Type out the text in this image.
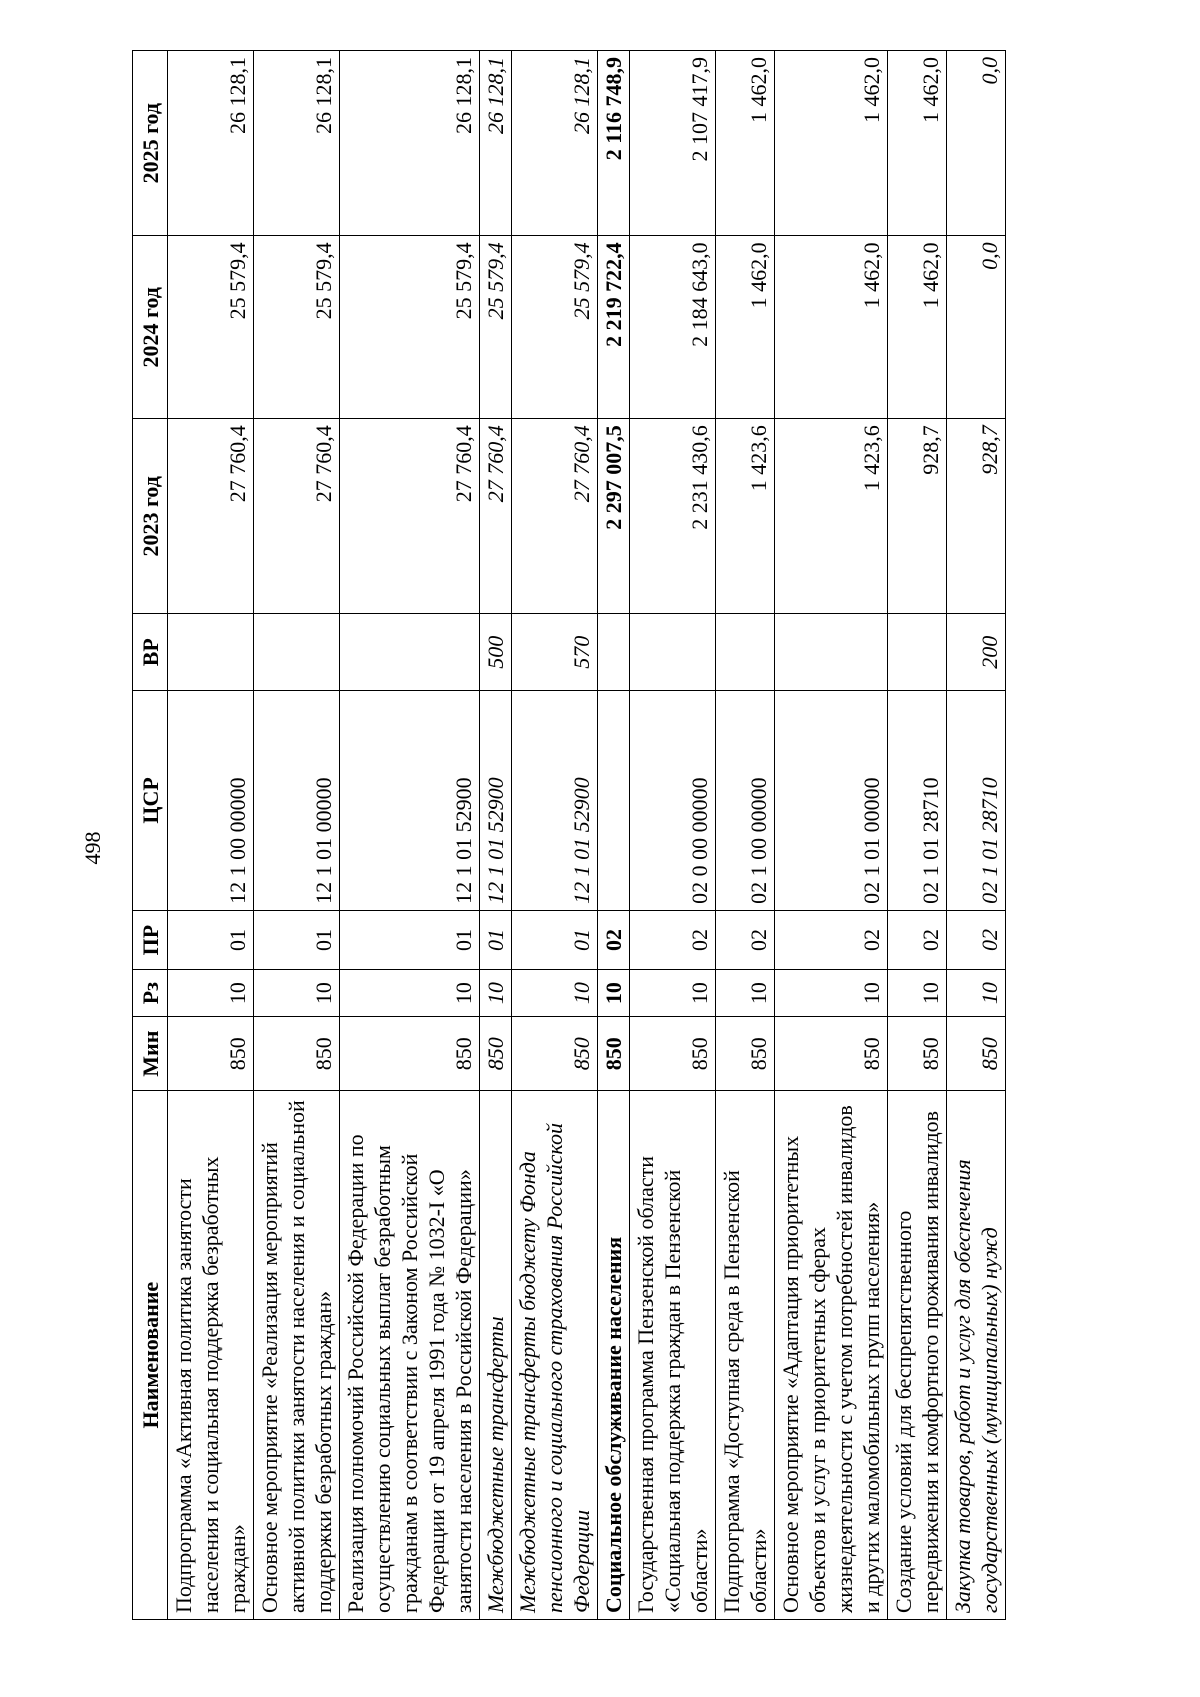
498
Наименование	Мин	Рз	ПР	ЦСР	ВР	2023 год	2024 год	2025 год
Подпрограмма «Активная политика занятости населения и социальная поддержка безработных граждан»	850	10	01	12 1 00 00000		27 760,4	25 579,4	26 128,1
Основное мероприятие «Реализация мероприятий активной политики занятости населения и социальной поддержки безработных граждан»	850	10	01	12 1 01 00000		27 760,4	25 579,4	26 128,1
Реализация полномочий Российской Федерации по осуществлению социальных выплат безработным гражданам в соответствии с Законом Российской Федерации от 19 апреля 1991 года № 1032-I «О занятости населения в Российской Федерации»	850	10	01	12 1 01 52900		27 760,4	25 579,4	26 128,1
Межбюджетные трансферты	850	10	01	12 1 01 52900	500	27 760,4	25 579,4	26 128,1
Межбюджетные трансферты бюджету Фонда пенсионного и социального страхования Российской Федерации	850	10	01	12 1 01 52900	570	27 760,4	25 579,4	26 128,1
Социальное обслуживание населения	850	10	02			2 297 007,5	2 219 722,4	2 116 748,9
Государственная программа Пензенской области «Социальная поддержка граждан в Пензенской области»	850	10	02	02 0 00 00000		2 231 430,6	2 184 643,0	2 107 417,9
Подпрограмма «Доступная среда в Пензенской области»	850	10	02	02 1 00 00000		1 423,6	1 462,0	1 462,0
Основное мероприятие «Адаптация приоритетных объектов и услуг в приоритетных сферах жизнедеятельности с учетом потребностей инвалидов и других маломобильных групп населения»	850	10	02	02 1 01 00000		1 423,6	1 462,0	1 462,0
Создание условий для беспрепятственного передвижения и комфортного проживания инвалидов	850	10	02	02 1 01 28710		928,7	1 462,0	1 462,0
Закупка товаров, работ и услуг для обеспечения государственных (муниципальных) нужд	850	10	02	02 1 01 28710	200	928,7	0,0	0,0
